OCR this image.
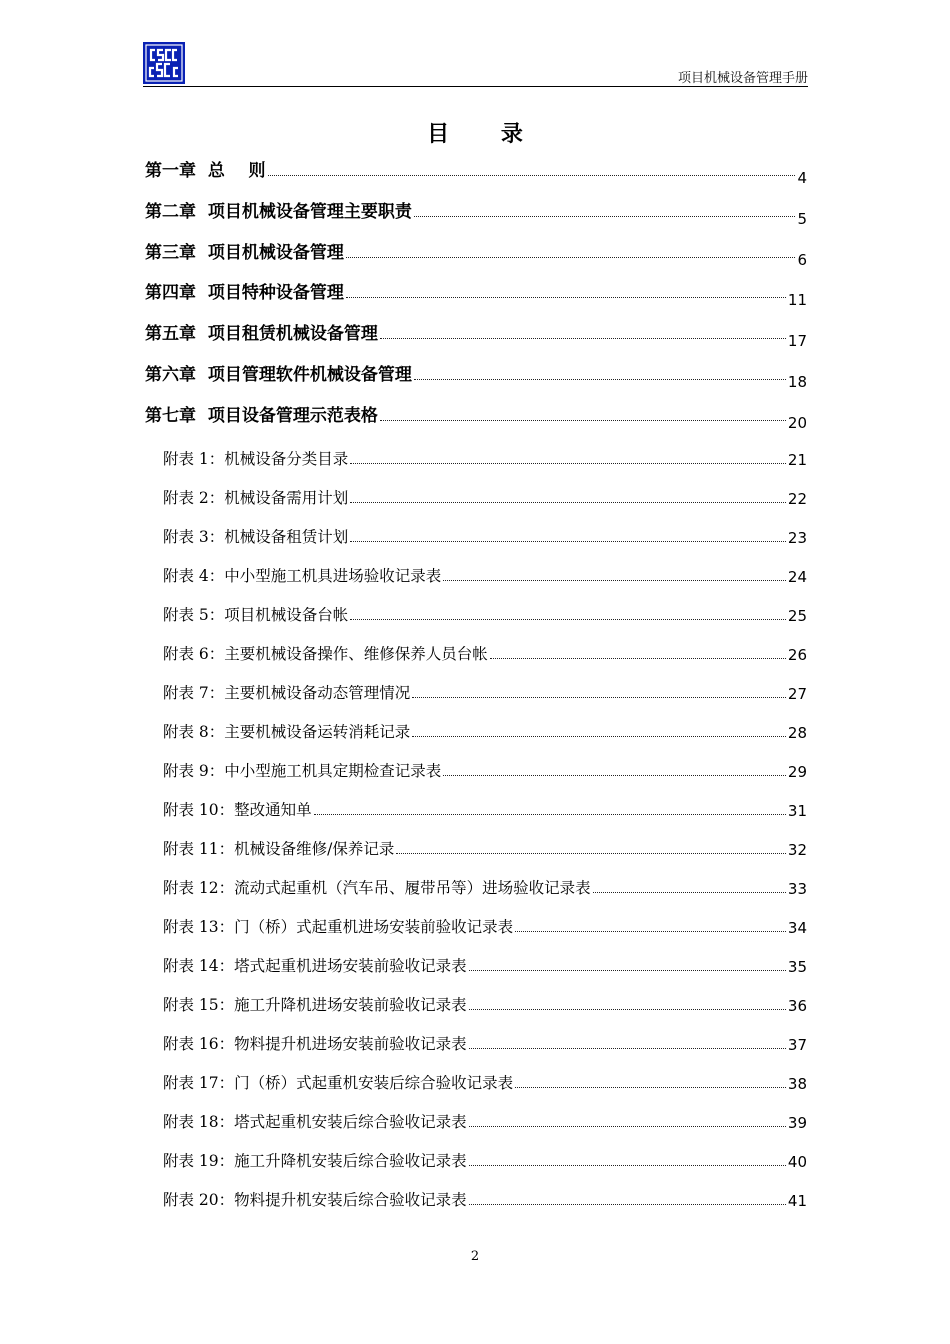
项目机械设备管理手册
目 录
第一章  总    则	4
第二章  项目机械设备管理主要职责	5
第三章  项目机械设备管理	6
第四章  项目特种设备管理	11
第五章  项目租赁机械设备管理	17
第六章  项目管理软件机械设备管理	18
第七章  项目设备管理示范表格	20
附表 1：机械设备分类目录	21
附表 2：机械设备需用计划	22
附表 3：机械设备租赁计划	23
附表 4：中小型施工机具进场验收记录表	24
附表 5：项目机械设备台帐	25
附表 6：主要机械设备操作、维修保养人员台帐	26
附表 7：主要机械设备动态管理情况	27
附表 8：主要机械设备运转消耗记录	28
附表 9：中小型施工机具定期检查记录表	29
附表 10：整改通知单	31
附表 11：机械设备维修/保养记录	32
附表 12：流动式起重机（汽车吊、履带吊等）进场验收记录表	33
附表 13：门（桥）式起重机进场安装前验收记录表	34
附表 14：塔式起重机进场安装前验收记录表	35
附表 15：施工升降机进场安装前验收记录表	36
附表 16：物料提升机进场安装前验收记录表	37
附表 17：门（桥）式起重机安装后综合验收记录表	38
附表 18：塔式起重机安装后综合验收记录表	39
附表 19：施工升降机安装后综合验收记录表	40
附表 20：物料提升机安装后综合验收记录表	41
2
